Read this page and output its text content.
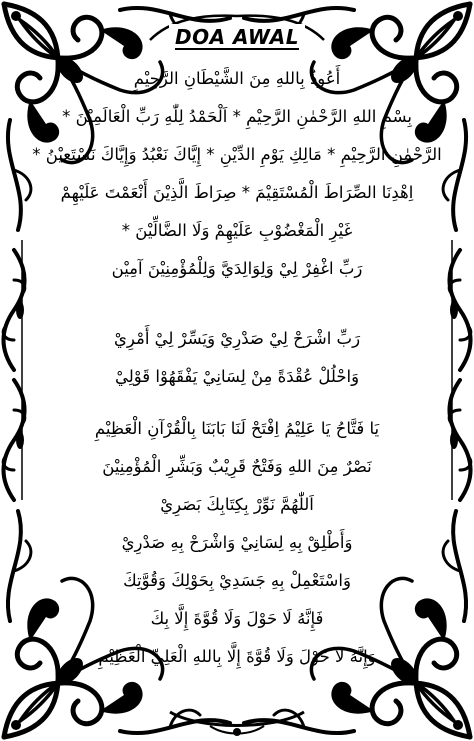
DOA AWAL
أَعُوذُ بِاللهِ مِنَ الشَّيْطَانِ الرَّجِيْمِ
بِسْمِ اللهِ الرَّحْمٰنِ الرَّحِيْمِ * اَلْحَمْدُ لِلّٰهِ رَبِّ الْعَالَمِيْنَ *
الرَّحْمٰنِ الرَّحِيْمِ * مَالِكِ يَوْمِ الدِّيْنِ * إِيَّاكَ نَعْبُدُ وَإِيَّاكَ نَسْتَعِيْنُ *
اِهْدِنَا الصِّرَاطَ الْمُسْتَقِيْمَ * صِرَاطَ الَّذِيْنَ أَنْعَمْتَ عَلَيْهِمْ
غَيْرِ الْمَغْضُوْبِ عَلَيْهِمْ وَلَا الضَّالِّيْنَ *
رَبِّ اغْفِرْ لِيْ وَلِوَالِدَيَّ وَلِلْمُؤْمِنِيْنَ آمِيْن
رَبِّ اشْرَحْ لِيْ صَدْرِيْ وَيَسِّرْ لِيْ أَمْرِيْ
وَاحْلُلْ عُقْدَةً مِنْ لِسَانِيْ يَفْقَهُوْا قَوْلِيْ
يَا فَتَّاحُ يَا عَلِيْمُ اِفْتَحْ لَنَا بَابَنَا بِالْقُرْآنِ الْعَظِيْمِ
نَصْرٌ مِنَ اللهِ وَفَتْحٌ قَرِيْبٌ وَبَشِّرِ الْمُؤْمِنِيْنَ
اَللّٰهُمَّ نَوِّرْ بِكِتَابِكَ بَصَرِيْ
وَأَطْلِقْ بِهِ لِسَانِيْ وَاشْرَحْ بِهِ صَدْرِيْ
وَاسْتَعْمِلْ بِهِ جَسَدِيْ بِحَوْلِكَ وَقُوَّتِكَ
فَإِنَّهُ لَا حَوْلَ وَلَا قُوَّةَ إِلَّا بِكَ
وَإِنَّهُ لَا حَوْلَ وَلَا قُوَّةَ إِلَّا بِاللهِ الْعَلِيِّ الْعَظِيْمِ
